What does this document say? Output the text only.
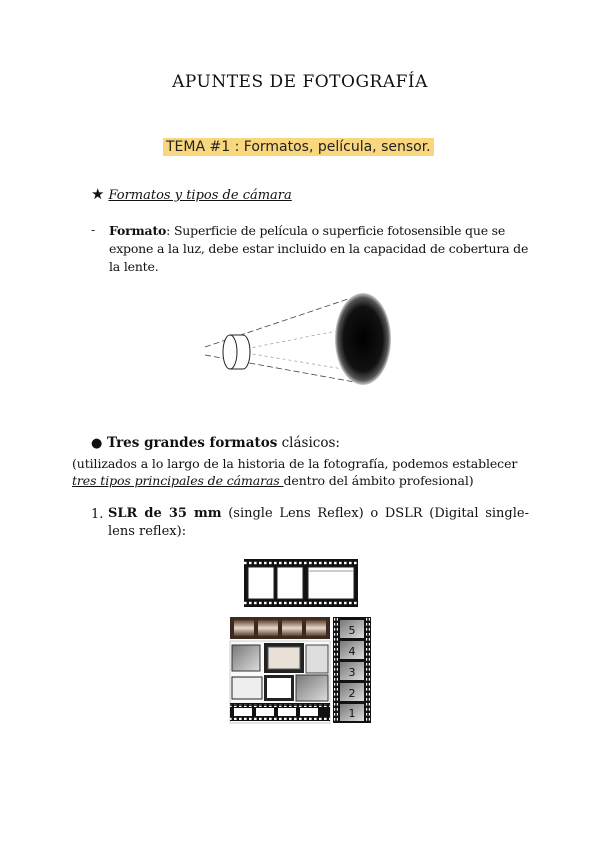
APUNTES DE FOTOGRAFÍA
TEMA #1 : Formatos, película, sensor.
★ Formatos y tipos de cámara
- Formato: Superficie de película o superficie fotosensible que se expone a la luz, debe estar incluido en la capacidad de cobertura de la lente.
● Tres grandes formatos clásicos:
(utilizados a lo largo de la historia de la fotografía, podemos establecer tres tipos principales de cámaras dentro del ámbito profesional)
1. SLR de 35 mm (single Lens Reflex) o DSLR (Digital single-lens reflex):
5
4
3
2
1
